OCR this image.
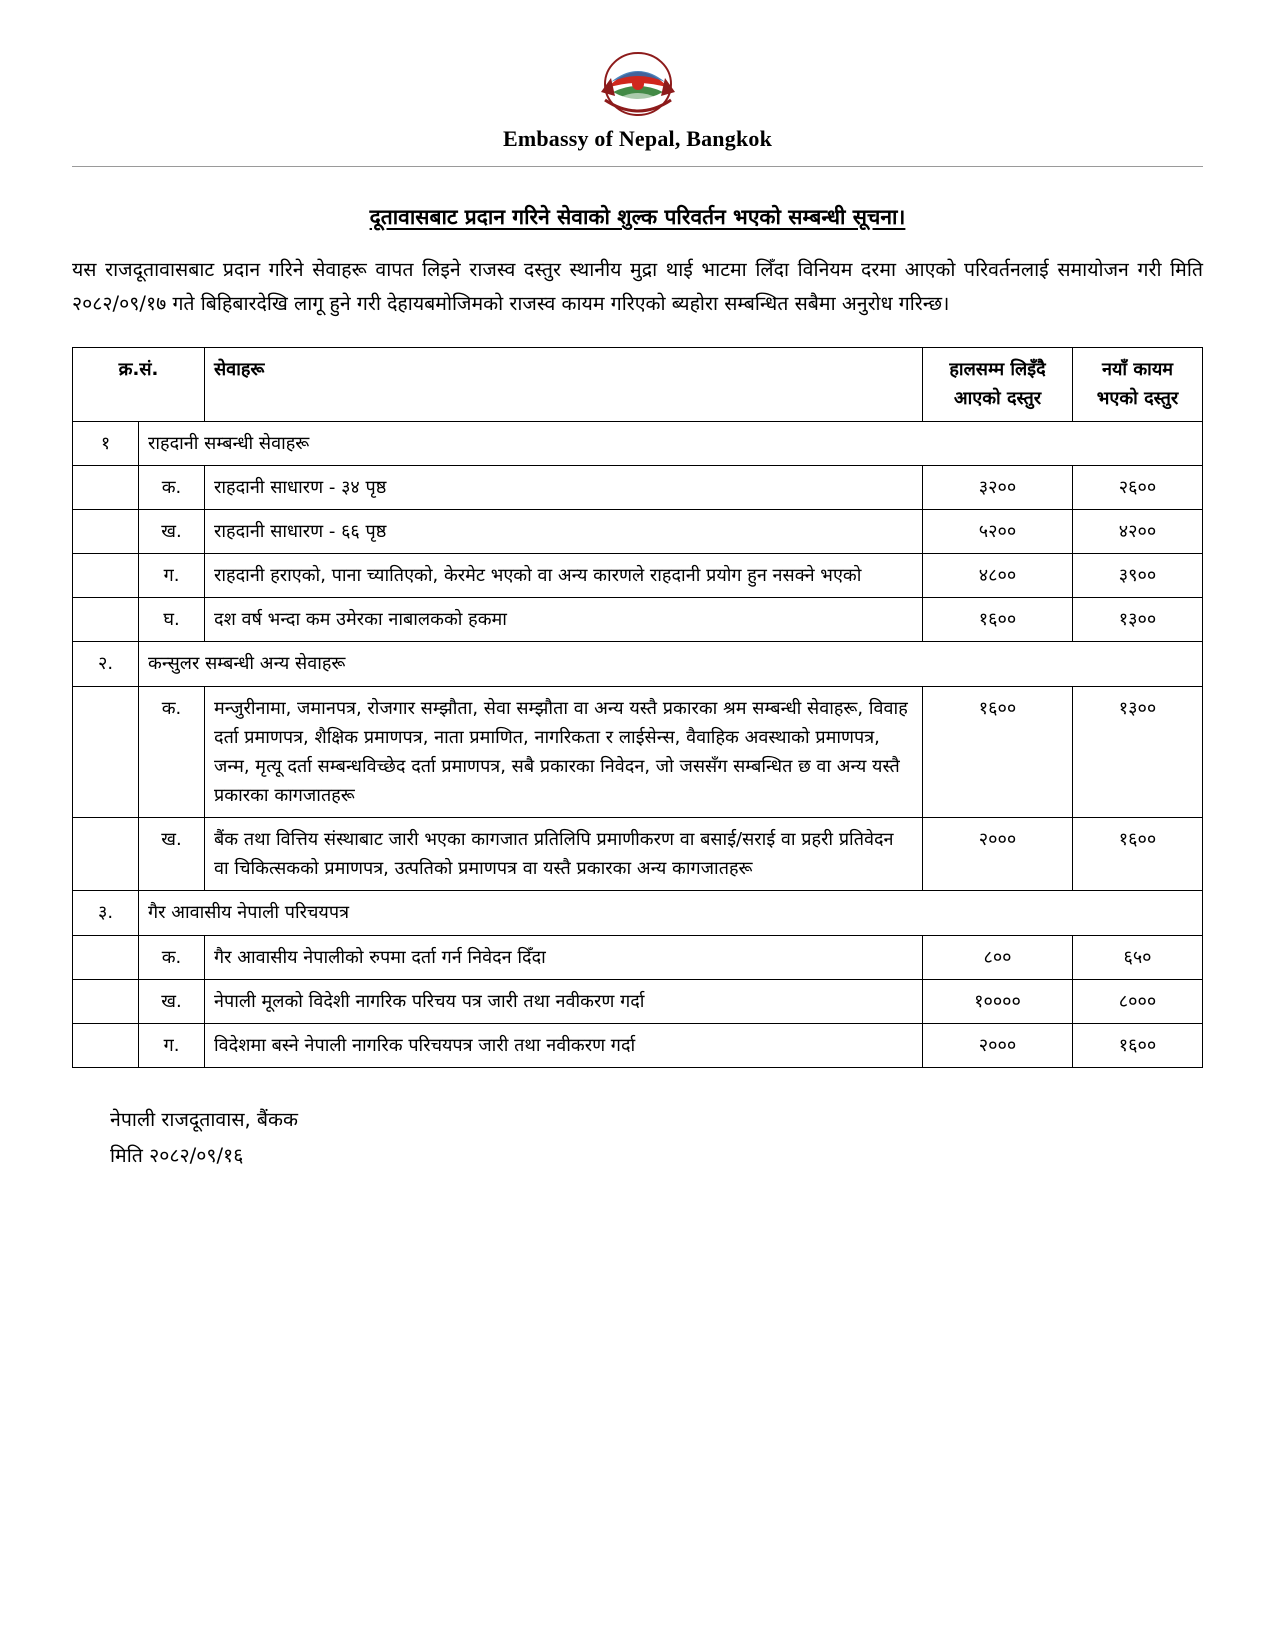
Embassy of Nepal, Bangkok
दूतावासबाट प्रदान गरिने सेवाको शुल्क परिवर्तन भएको सम्बन्धी सूचना।
यस राजदूतावासबाट प्रदान गरिने सेवाहरू वापत लिइने राजस्व दस्तुर स्थानीय मुद्रा थाई भाटमा लिँदा विनियम दरमा आएको परिवर्तनलाई समायोजन गरी मिति २०८२/०९/१७ गते बिहिबारदेखि लागू हुने गरी देहायबमोजिमको राजस्व कायम गरिएको ब्यहोरा सम्बन्धित सबैमा अनुरोध गरिन्छ।
क्र.सं.		सेवाहरू	हालसम्म लिइँदै आएको दस्तुर	नयाँ कायम भएको दस्तुर
१	राहदानी सम्बन्धी सेवाहरू			
	क.	राहदानी साधारण - ३४ पृष्ठ	३२००	२६००
	ख.	राहदानी साधारण - ६६ पृष्ठ	५२००	४२००
	ग.	राहदानी हराएको, पाना च्यातिएको, केरमेट भएको वा अन्य कारणले राहदानी प्रयोग हुन नसक्ने भएको	४८००	३९००
	घ.	दश वर्ष भन्दा कम उमेरका नाबालकको हकमा	१६००	१३००
२.	कन्सुलर सम्बन्धी अन्य सेवाहरू			
	क.	मन्जुरीनामा, जमानपत्र, रोजगार सम्झौता, सेवा सम्झौता वा अन्य यस्तै प्रकारका श्रम सम्बन्धी सेवाहरू, विवाह दर्ता प्रमाणपत्र, शैक्षिक प्रमाणपत्र, नाता प्रमाणित, नागरिकता र लाईसेन्स, वैवाहिक अवस्थाको प्रमाणपत्र, जन्म, मृत्यू दर्ता सम्बन्धविच्छेद दर्ता प्रमाणपत्र, सबै प्रकारका निवेदन, जो जससँग सम्बन्धित छ वा अन्य यस्तै प्रकारका कागजातहरू	१६००	१३००
	ख.	बैंक तथा वित्तिय संस्थाबाट जारी भएका कागजात प्रतिलिपि प्रमाणीकरण वा बसाई/सराई वा प्रहरी प्रतिवेदन वा चिकित्सकको प्रमाणपत्र, उत्पतिको प्रमाणपत्र वा यस्तै प्रकारका अन्य कागजातहरू	२०००	१६००
३.	गैर आवासीय नेपाली परिचयपत्र			
	क.	गैर आवासीय नेपालीको रुपमा दर्ता गर्न निवेदन दिँदा	८००	६५०
	ख.	नेपाली मूलको विदेशी नागरिक परिचय पत्र जारी तथा नवीकरण गर्दा	१००००	८०००
	ग.	विदेशमा बस्ने नेपाली नागरिक परिचयपत्र जारी तथा नवीकरण गर्दा	२०००	१६००
नेपाली राजदूतावास, बैंकक
मिति २०८२/०९/१६
